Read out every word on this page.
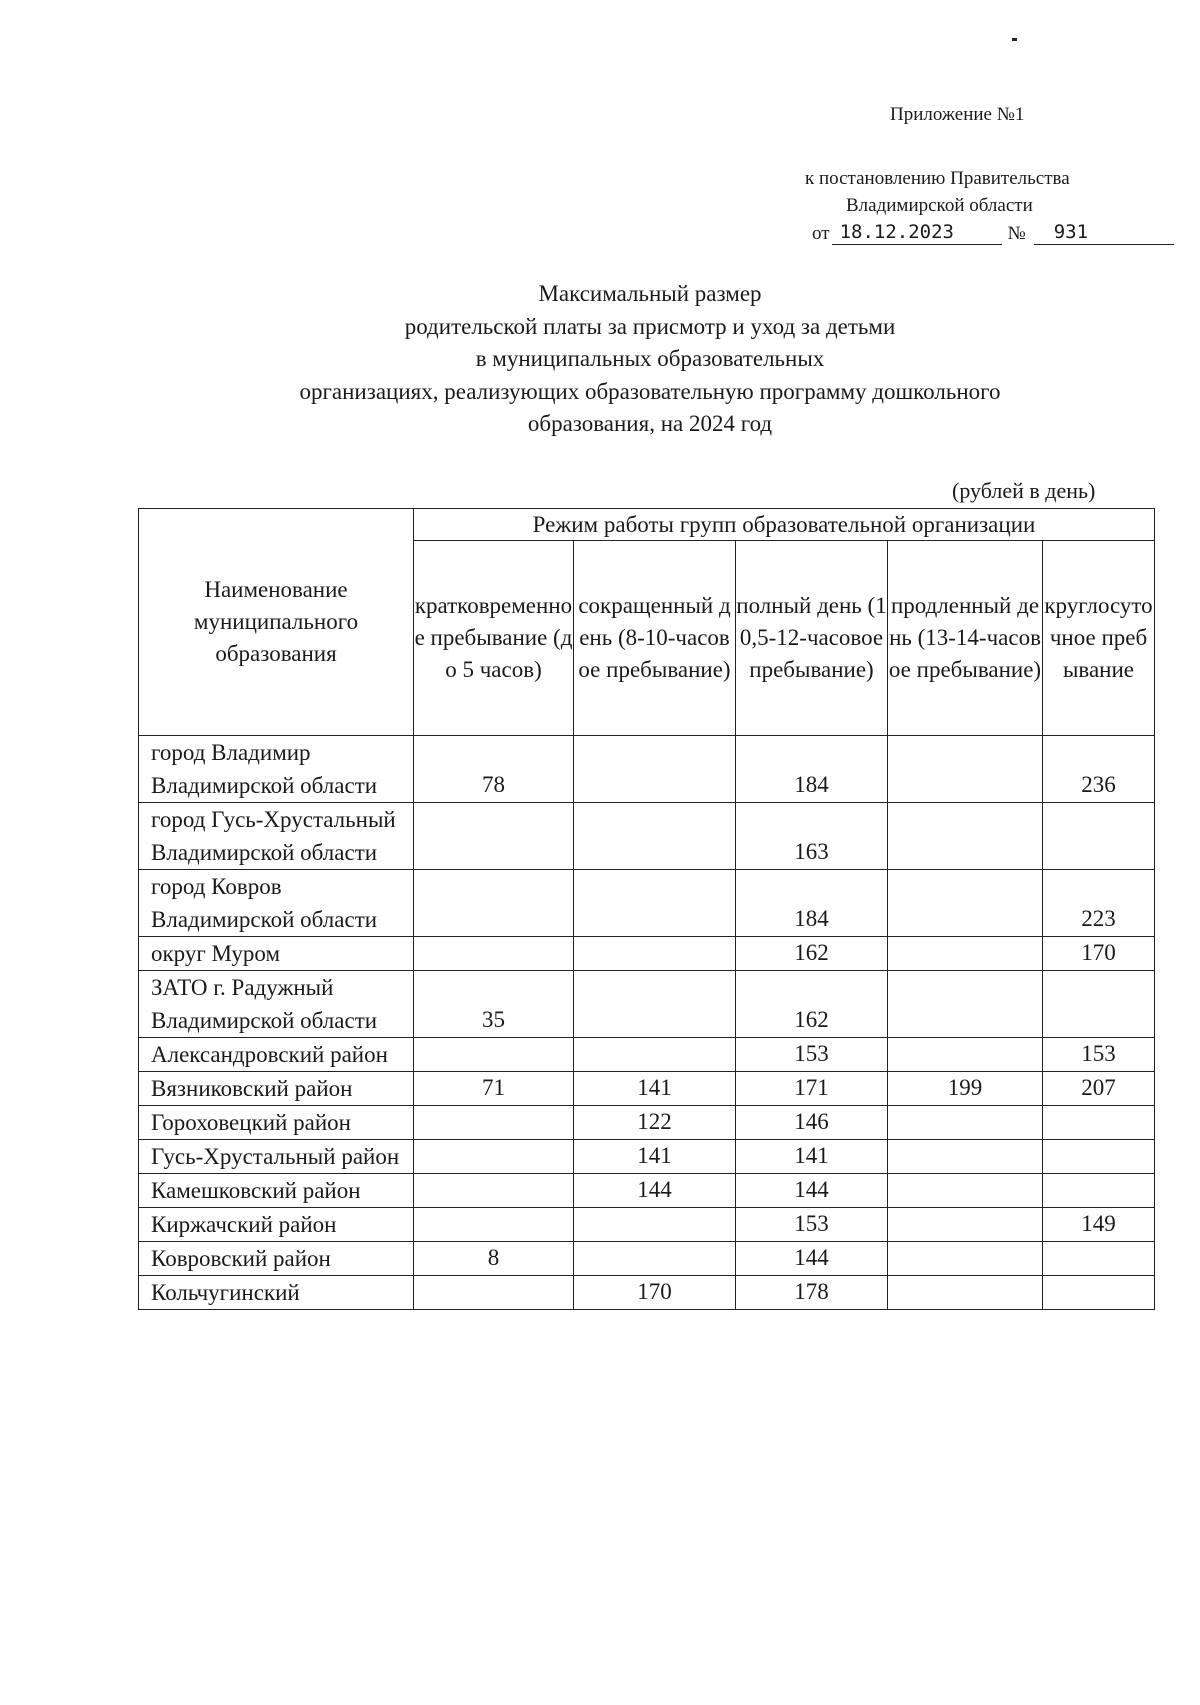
Приложение №1
к постановлению Правительства
Владимирской области
от 18.12.2023	№	931
Максимальный размер
родительской платы за присмотр и уход за детьми
в муниципальных образовательных
организациях, реализующих образовательную программу дошкольного
образования, на 2024 год
(рублей в день)
Наименование муниципального образования	Режим работы групп образовательной организации				
	кратковременное пребывание (до 5 часов)	сокращенный день (8-10-часовое пребывание)	полный день (10,5-12-часовое пребывание)	продленный день (13-14-часовое пребывание)	круглосуточное пребывание
город Владимир Владимирской области	78		184		236
город Гусь-Хрустальный Владимирской области			163		
город Ковров Владимирской области			184		223
округ Муром			162		170
ЗАТО г. Радужный Владимирской области	35		162		
Александровский район			153		153
Вязниковский район	71	141	171	199	207
Гороховецкий район		122	146		
Гусь-Хрустальный район		141	141		
Камешковский район		144	144		
Киржачский район			153		149
Ковровский район	8		144		
Кольчугинский		170	178		
